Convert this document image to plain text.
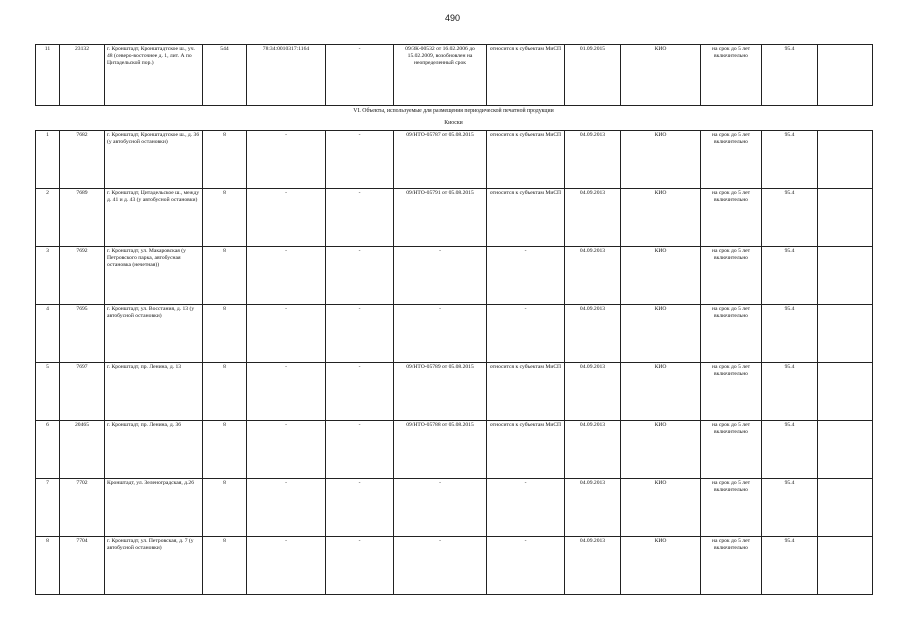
490
11	23132	г. Кронштадт, Кронштадтское ш., уч. 48 (северо-восточнее д. 1, лит. А по Цитадельской пор.)	544	78:34:0010317:1164	-	09/ЗК-00532 от 16.02.2006 до 15.02.2009, возобновлен на неопределенный срок	относится к субъектам МиСП	01.09.2015	КИО	на срок до 5 лет включительно	95.4	
VI. Объекты, используемые для размещения периодической печатной продукции
Киоски
1	7682	г. Кронштадт, Кронштадтское ш., д. 36 (у автобусной остановки)	8	-	-	09/НТО-05787 от 05.08.2015	относится к субъектам МиСП	04.09.2013	КИО	на срок до 5 лет включительно	95.4	
2	7689	г. Кронштадт, Цитадельское ш., между д. 41 и д. 43 (у автобусной остановки)	8	-	-	09/НТО-05791 от 05.08.2015	относится к субъектам МиСП	04.09.2013	КИО	на срок до 5 лет включительно	95.4	
3	7692	г. Кронштадт, ул. Макаровская (у Петровского парка, автобусная остановка (нечетная))	8	-	-	-	-	04.09.2013	КИО	на срок до 5 лет включительно	95.4	
4	7695	г. Кронштадт, ул. Восстания, д. 13 (у автобусной остановки)	8	-	-	-	-	04.09.2013	КИО	на срок до 5 лет включительно	95.4	
5	7697	г. Кронштадт, пр. Ленина, д. 13	8	-	-	09/НТО-05789 от 05.08.2015	относится к субъектам МиСП	04.09.2013	КИО	на срок до 5 лет включительно	95.4	
6	20465	г. Кронштадт, пр. Ленина, д. 36	8	-	-	09/НТО-05788 от 05.08.2015	относится к субъектам МиСП	04.09.2013	КИО	на срок до 5 лет включительно	95.4	
7	7702	Кронштадт, ул. Зеленоградская, д.26	8	-	-	-	-	04.09.2013	КИО	на срок до 5 лет включительно	95.4	
8	7704	г. Кронштадт, ул. Петровская, д. 7 (у автобусной остановки)	8	-	-	-	-	04.09.2013	КИО	на срок до 5 лет включительно	95.4	
